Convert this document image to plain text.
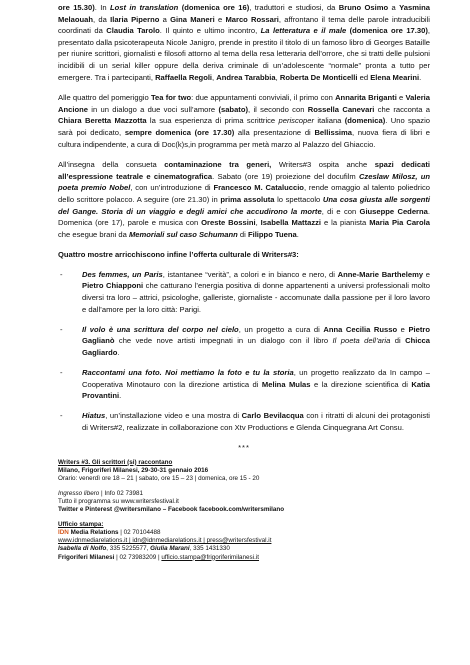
ore 15.30). In Lost in translation (domenica ore 16), traduttori e studiosi, da Bruno Osimo a Yasmina Melaouah, da Ilaria Piperno a Gina Maneri e Marco Rossari, affrontano il tema delle parole intraducibili coordinati da Claudia Tarolo. Il quinto e ultimo incontro, La letteratura e il male (domenica ore 17.30), presentato dalla psicoterapeuta Nicole Janigro, prende in prestito il titolo di un famoso libro di Georges Bataille per riunire scrittori, giornalisti e filosofi attorno al tema della resa letteraria dell’orrore, che si tratti delle pulsioni incidibili di un serial killer oppure della deriva criminale di un’adolescente “normale” pronta a tutto per emergere. Tra i partecipanti, Raffaella Regoli, Andrea Tarabbia, Roberta De Monticelli ed Elena Mearini.
Alle quattro del pomeriggio Tea for two: due appuntamenti conviviali, il primo con Annarita Briganti e Valeria Ancione in un dialogo a due voci sull’amore (sabato), il secondo con Rossella Canevari che racconta a Chiara Beretta Mazzotta la sua esperienza di prima scrittrice periscoper italiana (domenica). Uno spazio sarà poi dedicato, sempre domenica (ore 17.30) alla presentazione di Bellissima, nuova fiera di libri e cultura indipendente, a cura di Doc(k)s,in programma per metà marzo al Palazzo del Ghiaccio.
All’insegna della consueta contaminazione tra generi, Writers#3 ospita anche spazi dedicati all’espressione teatrale e cinematografica. Sabato (ore 19) proiezione del docufilm Czeslaw Milosz, un poeta premio Nobel, con un’introduzione di Francesco M. Cataluccio, rende omaggio al talento poliedrico dello scrittore polacco. A seguire (ore 21.30) in prima assoluta lo spettacolo Una cosa giusta alle sorgenti del Gange. Storia di un viaggio e degli amici che accudirono la morte, di e con Giuseppe Cederna. Domenica (ore 17), parole e musica con Oreste Bossini, Isabella Mattazzi e la pianista Maria Pia Carola che esegue brani da Memoriali sul caso Schumann di Filippo Tuena.
Quattro mostre arricchiscono infine l’offerta culturale di Writers#3:
-	Des femmes, un Paris, istantanee “verità”, a colori e in bianco e nero, di Anne-Marie Barthelemy e Pietro Chiapponi che catturano l’energia positiva di donne appartenenti a universi professionali molto diversi tra loro – attrici, psicologhe, galleriste, giornaliste - accomunate dalla passione per il loro lavoro e dall’amore per la loro città: Parigi.
-	Il volo è una scrittura del corpo nel cielo, un progetto a cura di Anna Cecilia Russo e Pietro Gaglianò che vede nove artisti impegnati in un dialogo con il libro Il poeta dell’aria di Chicca Gagliardo.
-	Raccontami una foto. Noi mettiamo la foto e tu la storia, un progetto realizzato da In campo – Cooperativa Minotauro con la direzione artistica di Melina Mulas e la direzione scientifica di Katia Provantini.
-	Hiatus, un’installazione video e una mostra di Carlo Bevilacqua con i ritratti di alcuni dei protagonisti di Writers#2, realizzate in collaborazione con Xtv Productions e Glenda Cinquegrana Art Consu.
***
Writers #3. Gli scrittori (si) raccontano
Milano, Frigoriferi Milanesi, 29-30-31 gennaio 2016
Orario: venerdì ore 18 – 21 | sabato, ore 15 – 23 | domenica, ore 15 - 20
Ingresso libero | Info 02 73981
Tutto il programma su www.writersfestival.it
Twitter e Pinterest @writersmilano – Facebook facebook.com/writersmilano
Ufficio stampa:
IDN Media Relations | 02 70104488
www.idnmediarelations.it | idn@idnmediarelations.it | press@writersfestival.it
Isabella di Nolfo, 335 5225577, Giulia Marani, 335 1431330
Frigoriferi Milanesi | 02 73983209 | ufficio.stampa@frigoriferimilanesi.it
